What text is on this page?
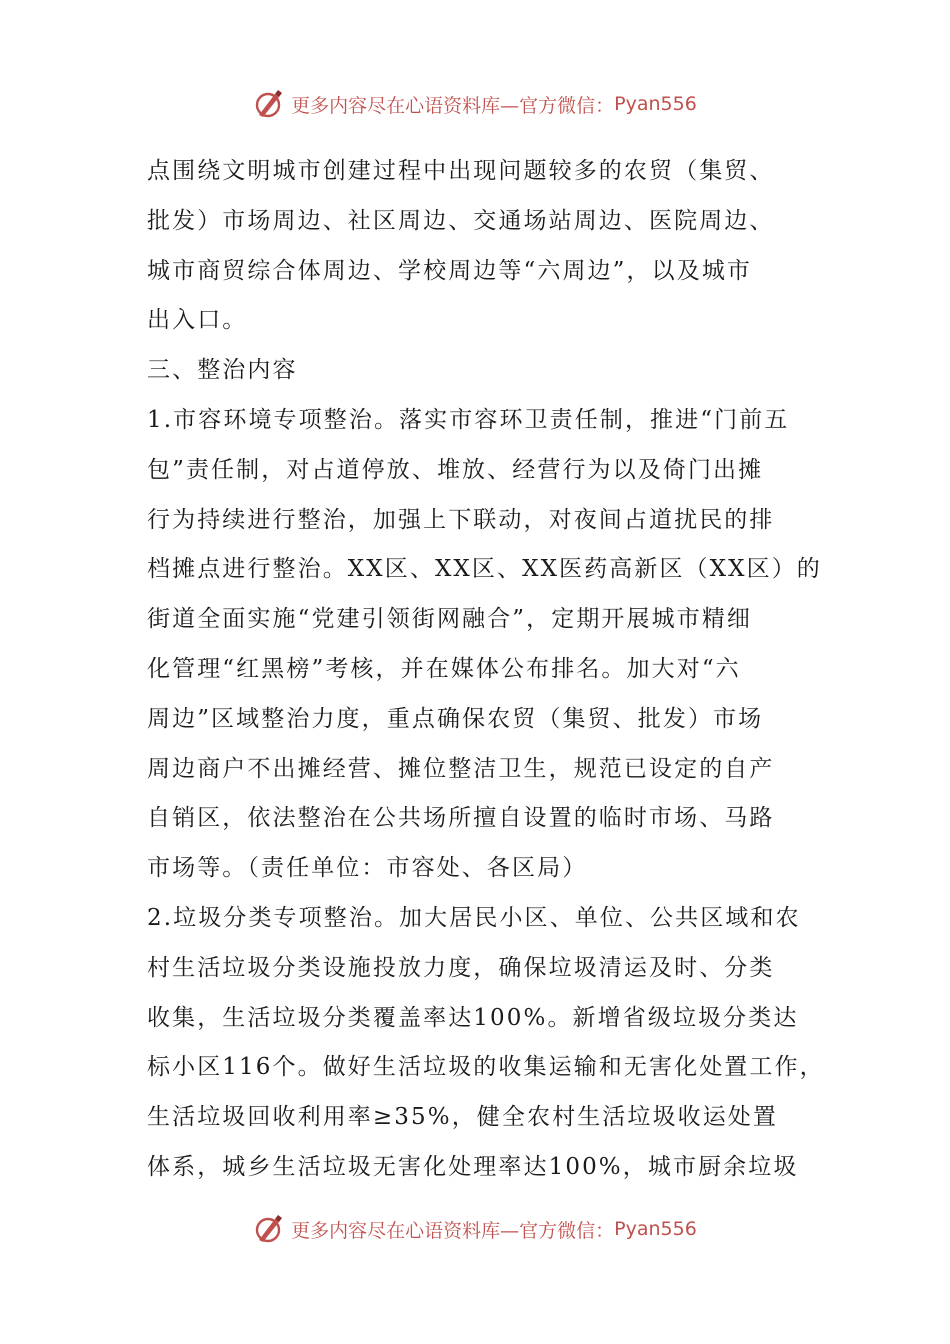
更多内容尽在心语资料库—官方微信： Pyan556
点围绕文明城市创建过程中出现问题较多的农贸（集贸、
批发）市场周边、社区周边、交通场站周边、医院周边、
城市商贸综合体周边、学校周边等“六周边”，以及城市
出入口。
三、整治内容
1.市容环境专项整治。落实市容环卫责任制，推进“门前五
包”责任制，对占道停放、堆放、经营行为以及倚门出摊
行为持续进行整治，加强上下联动，对夜间占道扰民的排
档摊点进行整治。XX区、XX区、XX医药高新区（XX区）的
街道全面实施“党建引领街网融合”，定期开展城市精细
化管理“红黑榜”考核，并在媒体公布排名。加大对“六
周边”区域整治力度，重点确保农贸（集贸、批发）市场
周边商户不出摊经营、摊位整洁卫生，规范已设定的自产
自销区，依法整治在公共场所擅自设置的临时市场、马路
市场等。（责任单位：市容处、各区局）
2.垃圾分类专项整治。加大居民小区、单位、公共区域和农
村生活垃圾分类设施投放力度，确保垃圾清运及时、分类
收集，生活垃圾分类覆盖率达100%。新增省级垃圾分类达
标小区116个。做好生活垃圾的收集运输和无害化处置工作，
生活垃圾回收利用率≥35%，健全农村生活垃圾收运处置
体系，城乡生活垃圾无害化处理率达100%，城市厨余垃圾
更多内容尽在心语资料库—官方微信： Pyan556
